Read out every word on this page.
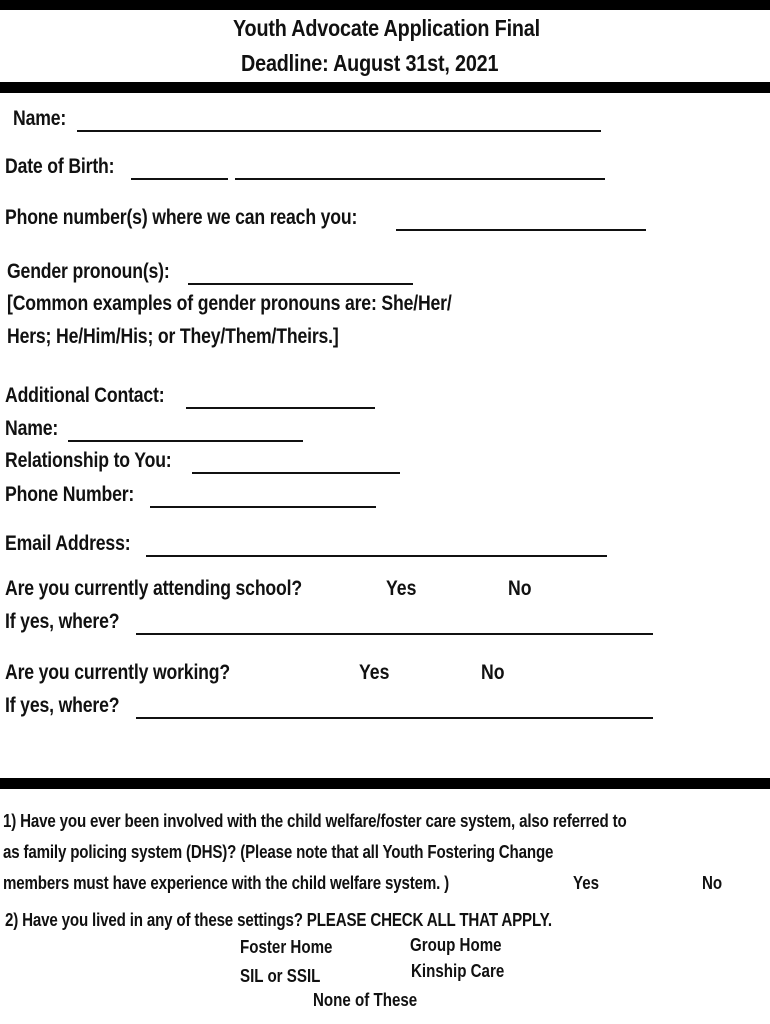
Youth Advocate Application Final
Deadline: August 31st, 2021
Name:
Date of Birth:
Phone number(s) where we can reach you:
Gender pronoun(s):
[Common examples of gender pronouns are: She/Her/
Hers; He/Him/His; or They/Them/Theirs.]
Additional Contact:
Name:
Relationship to You:
Phone Number:
Email Address:
Are you currently attending school?	Yes	No
If yes, where?
Are you currently working?	Yes	No
If yes, where?
1) Have you ever been involved with the child welfare/foster care system, also referred to
as family policing system (DHS)? (Please note that all Youth Fostering Change
members must have experience with the child welfare system. )	Yes	No
2) Have you lived in any of these settings? PLEASE CHECK ALL THAT APPLY.
Foster Home	Group Home
SIL or SSIL	Kinship Care
None of These
